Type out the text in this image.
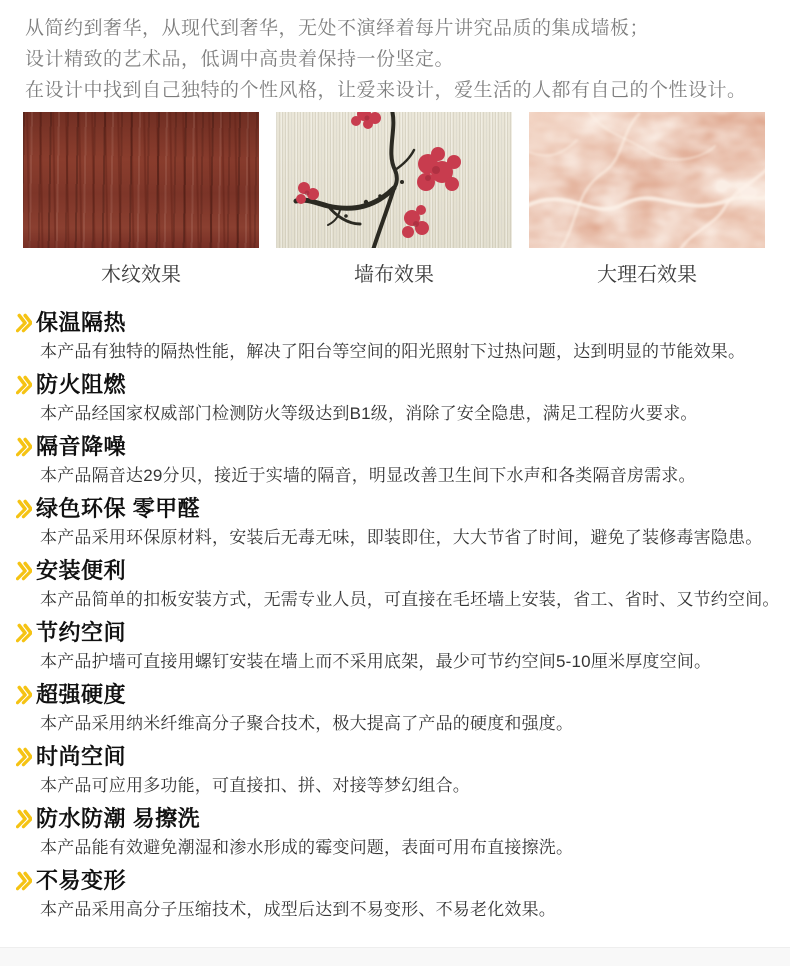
从简约到奢华，从现代到奢华，无处不演绎着每片讲究品质的集成墙板；

设计精致的艺术品，低调中高贵着保持一份坚定。

在设计中找到自己独特的个性风格，让爱来设计，爱生活的人都有自己的个性设计。

木纹效果	墙布效果	大理石效果
保温隔热
本产品有独特的隔热性能，解决了阳台等空间的阳光照射下过热问题，达到明显的节能效果。
防火阻燃
本产品经国家权威部门检测防火等级达到B1级，消除了安全隐患，满足工程防火要求。
隔音降噪
本产品隔音达29分贝，接近于实墙的隔音，明显改善卫生间下水声和各类隔音房需求。
绿色环保 零甲醛
本产品采用环保原材料，安装后无毒无味，即装即住，大大节省了时间，避免了装修毒害隐患。
安装便利
本产品简单的扣板安装方式，无需专业人员，可直接在毛坯墙上安装，省工、省时、又节约空间。
节约空间
本产品护墙可直接用螺钉安装在墙上而不采用底架，最少可节约空间5-10厘米厚度空间。
超强硬度
本产品采用纳米纤维高分子聚合技术，极大提高了产品的硬度和强度。
时尚空间
本产品可应用多功能，可直接扣、拼、对接等梦幻组合。
防水防潮 易擦洗
本产品能有效避免潮湿和渗水形成的霉变问题，表面可用布直接擦洗。
不易变形
本产品采用高分子压缩技术，成型后达到不易变形、不易老化效果。
